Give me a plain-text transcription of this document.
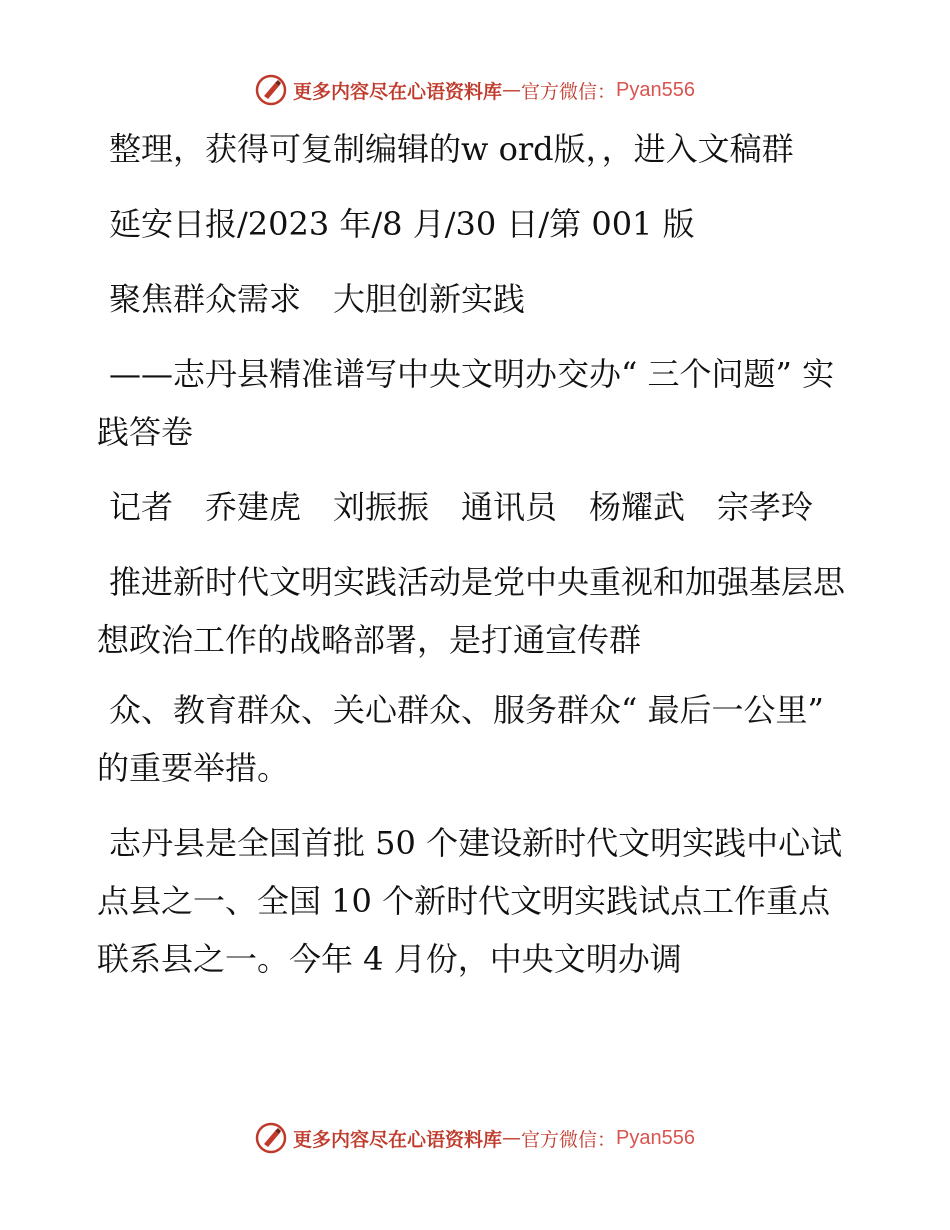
更多内容尽在心语资料库 — 官方微信： Pyan556

整理，获得可复制编辑的w ord版，，进入文稿群

延安日报/2023 年/8 月/30 日/第 001 版

聚焦群众需求　大胆创新实践

——志丹县精准谱写中央文明办交办“ 三个问题” 实践答卷

记者　乔建虎　刘振振　通讯员　杨耀武　宗孝玲

推进新时代文明实践活动是党中央重视和加强基层思想政治工作的战略部署，是打通宣传群

众、教育群众、关心群众、服务群众“ 最后一公里” 的重要举措。

志丹县是全国首批 50 个建设新时代文明实践中心试点县之一、全国 10 个新时代文明实践试点工作重点联系县之一。今年 4 月份，中央文明办调

更多内容尽在心语资料库 — 官方微信： Pyan556
